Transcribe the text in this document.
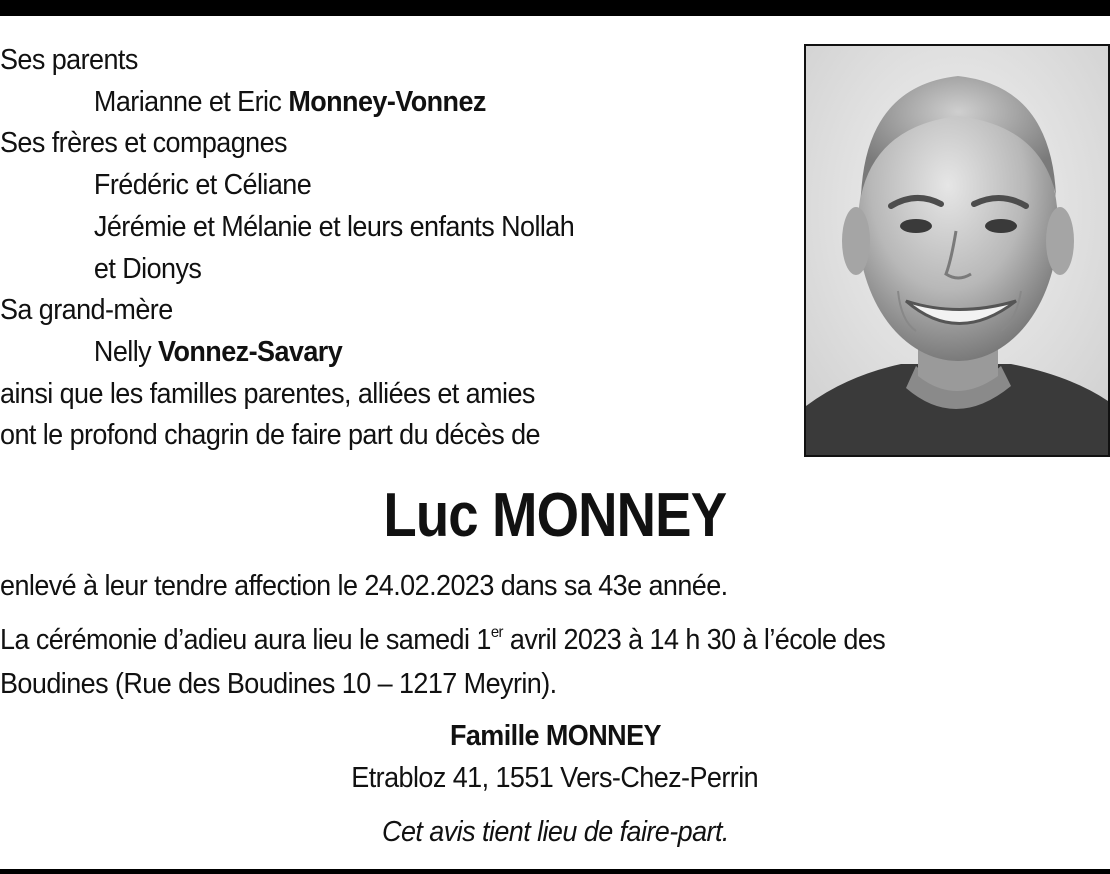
Ses parents
Marianne et Eric Monney-Vonnez
Ses frères et compagnes
Frédéric et Céliane
Jérémie et Mélanie et leurs enfants Nollah
et Dionys
Sa grand-mère
Nelly Vonnez-Savary
ainsi que les familles parentes, alliées et amies
ont le profond chagrin de faire part du décès de
Luc MONNEY
enlevé à leur tendre affection le 24.02.2023 dans sa 43e année.
La cérémonie d’adieu aura lieu le samedi 1er avril 2023 à 14 h 30 à l’école des
Boudines (Rue des Boudines 10 – 1217 Meyrin).
Famille MONNEY
Etrabloz 41, 1551 Vers-Chez-Perrin
Cet avis tient lieu de faire-part.
